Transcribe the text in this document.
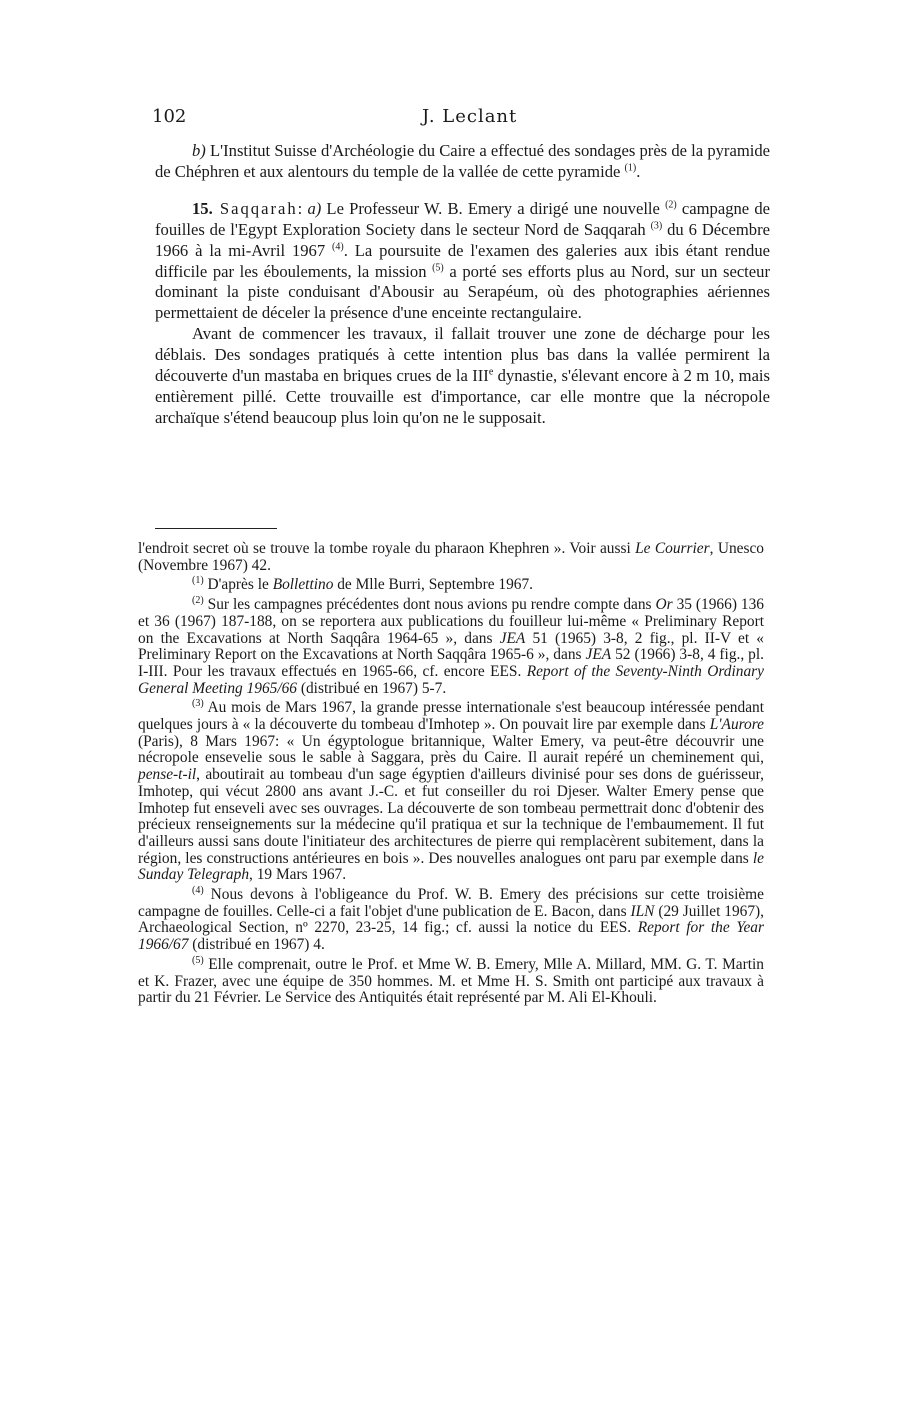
102	J. Leclant

b) L'Institut Suisse d'Archéologie du Caire a effectué des sondages près de la pyramide de Chéphren et aux alentours du temple de la vallée de cette pyramide $^{(1)}$.

15. Saqqarah: a) Le Professeur W. B. Emery a dirigé une nouvelle $^{(2)}$ campagne de fouilles de l'Egypt Exploration Society dans le secteur Nord de Saqqarah $^{(3)}$ du 6 Décembre 1966 à la mi-Avril 1967 $^{(4)}$. La poursuite de l'examen des galeries aux ibis étant rendue difficile par les éboulements, la mission $^{(5)}$ a porté ses efforts plus au Nord, sur un secteur dominant la piste conduisant d'Abousir au Serapéum, où des photographies aériennes permettaient de déceler la présence d'une enceinte rectangulaire.

Avant de commencer les travaux, il fallait trouver une zone de décharge pour les déblais. Des sondages pratiqués à cette intention plus bas dans la vallée permirent la découverte d'un mastaba en briques crues de la IIIe dynastie, s'élevant encore à 2 m 10, mais entièrement pillé. Cette trouvaille est d'importance, car elle montre que la nécropole archaïque s'étend beaucoup plus loin qu'on ne le supposait.

l'endroit secret où se trouve la tombe royale du pharaon Khephren ». Voir aussi Le Courrier, Unesco (Novembre 1967) 42.

$^{(1)}$ D'après le Bollettino de Mlle Burri, Septembre 1967.

$^{(2)}$ Sur les campagnes précédentes dont nous avions pu rendre compte dans Or 35 (1966) 136 et 36 (1967) 187-188, on se reportera aux publications du fouilleur lui-même « Preliminary Report on the Excavations at North Saqqâra 1964-65 », dans JEA 51 (1965) 3-8, 2 fig., pl. II-V et « Preliminary Report on the Excavations at North Saqqâra 1965-6 », dans JEA 52 (1966) 3-8, 4 fig., pl. I-III. Pour les travaux effectués en 1965-66, cf. encore EES. Report of the Seventy-Ninth Ordinary General Meeting 1965/66 (distribué en 1967) 5-7.

$^{(3)}$ Au mois de Mars 1967, la grande presse internationale s'est beaucoup intéressée pendant quelques jours à « la découverte du tombeau d'Imhotep ». On pouvait lire par exemple dans L'Aurore (Paris), 8 Mars 1967: « Un égyptologue britannique, Walter Emery, va peut-être découvrir une nécropole ensevelie sous le sable à Saggara, près du Caire. Il aurait repéré un cheminement qui, pense-t-il, aboutirait au tombeau d'un sage égyptien d'ailleurs divinisé pour ses dons de guérisseur, Imhotep, qui vécut 2800 ans avant J.-C. et fut conseiller du roi Djeser. Walter Emery pense que Imhotep fut enseveli avec ses ouvrages. La découverte de son tombeau permettrait donc d'obtenir des précieux renseignements sur la médecine qu'il pratiqua et sur la technique de l'embaumement. Il fut d'ailleurs aussi sans doute l'initiateur des architectures de pierre qui remplacèrent subitement, dans la région, les constructions antérieures en bois ». Des nouvelles analogues ont paru par exemple dans le Sunday Telegraph, 19 Mars 1967.

$^{(4)}$ Nous devons à l'obligeance du Prof. W. B. Emery des précisions sur cette troisième campagne de fouilles. Celle-ci a fait l'objet d'une publication de E. Bacon, dans ILN (29 Juillet 1967), Archaeological Section, nº 2270, 23-25, 14 fig.; cf. aussi la notice du EES. Report for the Year 1966/67 (distribué en 1967) 4.

$^{(5)}$ Elle comprenait, outre le Prof. et Mme W. B. Emery, Mlle A. Millard, MM. G. T. Martin et K. Frazer, avec une équipe de 350 hommes. M. et Mme H. S. Smith ont participé aux travaux à partir du 21 Février. Le Service des Antiquités était représenté par M. Ali El-Khouli.
